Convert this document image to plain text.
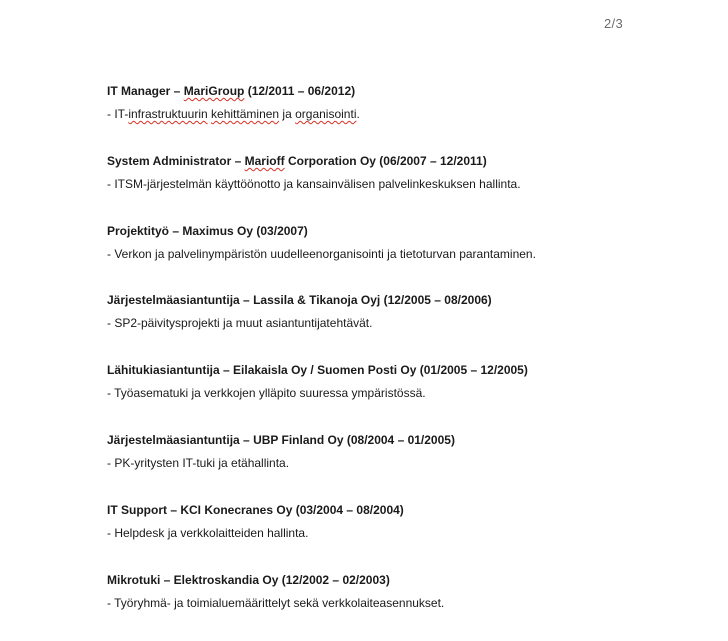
2/3
IT Manager – MariGroup (12/2011 – 06/2012)
- IT-infrastruktuurin kehittäminen ja organisointi.
System Administrator – Marioff Corporation Oy (06/2007 – 12/2011)
- ITSM-järjestelmän käyttöönotto ja kansainvälisen palvelinkeskuksen hallinta.
Projektityö – Maximus Oy (03/2007)
- Verkon ja palvelinympäristön uudelleenorganisointi ja tietoturvan parantaminen.
Järjestelmäasiantuntija – Lassila & Tikanoja Oyj (12/2005 – 08/2006)
- SP2-päivitysprojekti ja muut asiantuntijatehtävät.
Lähitukiasiantuntija – Eilakaisla Oy / Suomen Posti Oy (01/2005 – 12/2005)
- Työasematuki ja verkkojen ylläpito suuressa ympäristössä.
Järjestelmäasiantuntija – UBP Finland Oy (08/2004 – 01/2005)
- PK-yritysten IT-tuki ja etähallinta.
IT Support – KCI Konecranes Oy (03/2004 – 08/2004)
- Helpdesk ja verkkolaitteiden hallinta.
Mikrotuki – Elektroskandia Oy (12/2002 – 02/2003)
- Työryhmä- ja toimialuemäärittelyt sekä verkkolaiteasennukset.
